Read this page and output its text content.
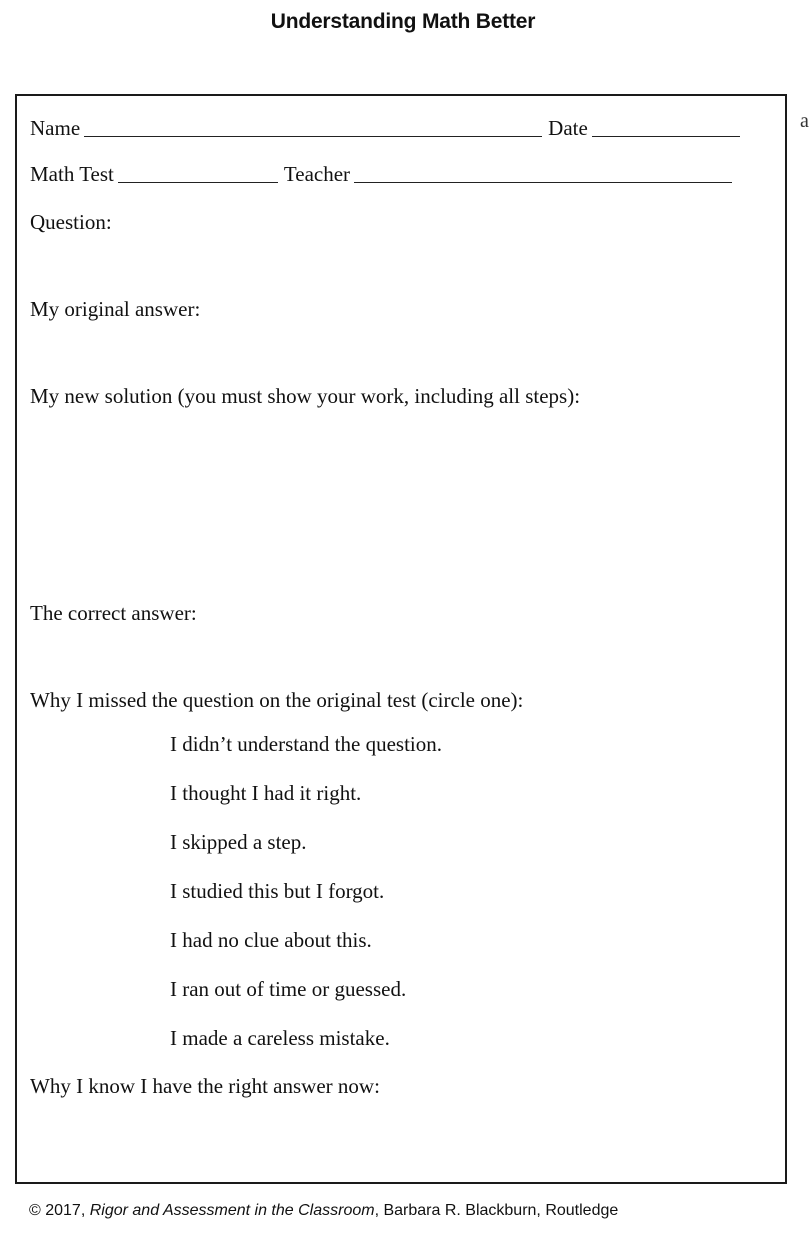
Understanding Math Better
a
Name	Date
Math Test	Teacher
Question:
My original answer:
My new solution (you must show your work, including all steps):
The correct answer:
Why I missed the question on the original test (circle one):
I didn’t understand the question.
I thought I had it right.
I skipped a step.
I studied this but I forgot.
I had no clue about this.
I ran out of time or guessed.
I made a careless mistake.
Why I know I have the right answer now:
© 2017, Rigor and Assessment in the Classroom, Barbara R. Blackburn, Routledge
